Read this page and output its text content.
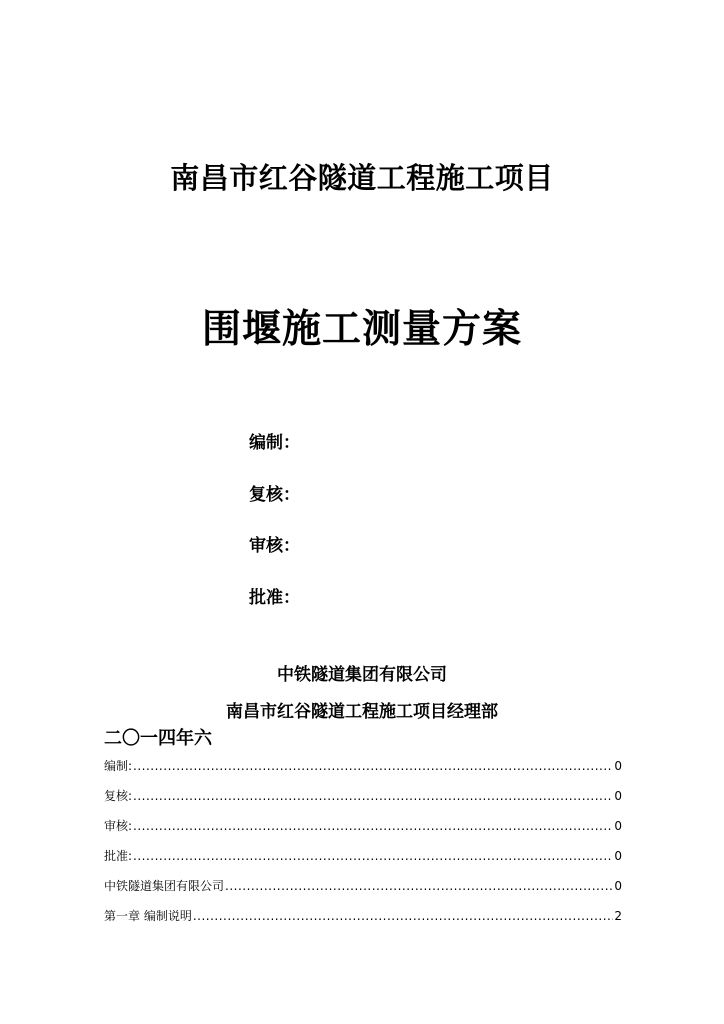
南昌市红谷隧道工程施工项目
围堰施工测量方案
编制：
复核：
审核：
批准：
中铁隧道集团有限公司
南昌市红谷隧道工程施工项目经理部
二〇一四年六
编制: .....	0
复核: .....	0
审核: .....	0
批准: .....	0
中铁隧道集团有限公司 .....	0
第一章 编制说明 .....	2
